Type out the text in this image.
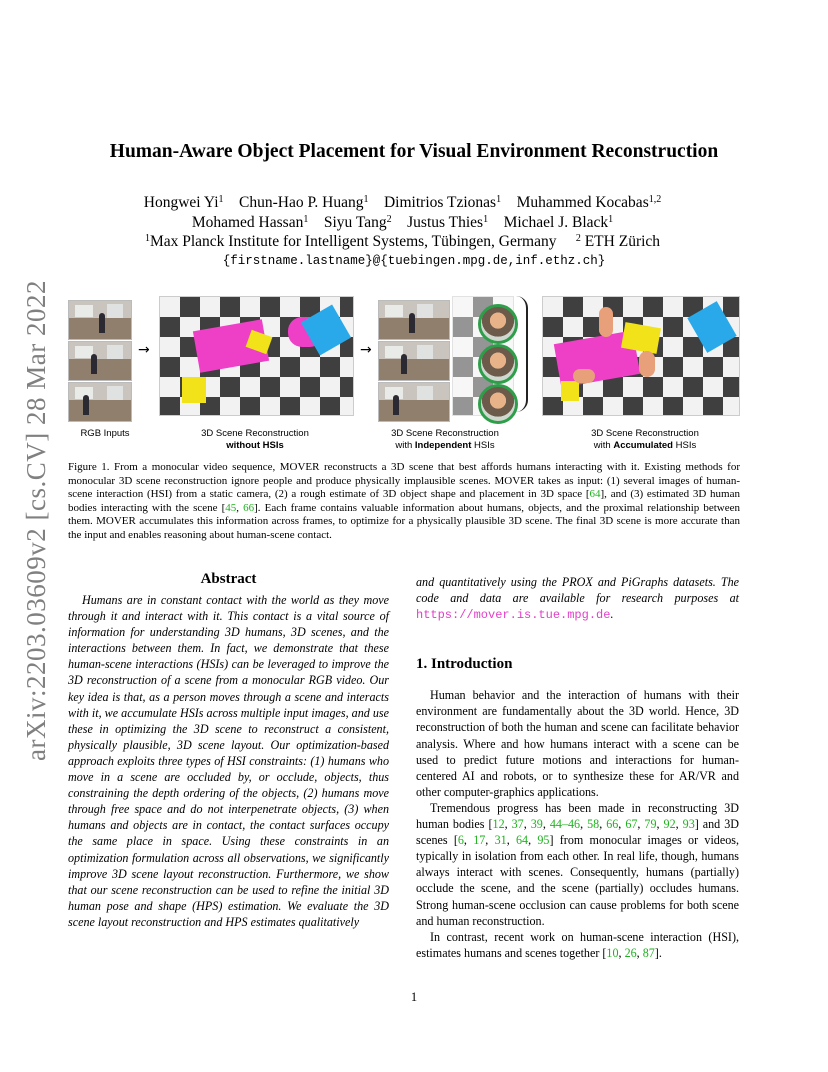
arXiv:2203.03609v2 [cs.CV] 28 Mar 2022
Human-Aware Object Placement for Visual Environment Reconstruction
Hongwei Yi$^1$ Chun-Hao P. Huang$^1$ Dimitrios Tzionas$^1$ Muhammed Kocabas$^{1,2}$
Mohamed Hassan$^1$ Siyu Tang$^2$ Justus Thies$^1$ Michael J. Black$^1$
$^1$Max Planck Institute for Intelligent Systems, Tübingen, Germany $^2$ ETH Zürich
{firstname.lastname}@{tuebingen.mpg.de,inf.ethz.ch}
→	→
RGB Inputs	3D Scene Reconstruction
without HSIs
3D Scene Reconstruction
with Independent HSIs
3D Scene Reconstruction
with Accumulated HSIs
Figure 1. From a monocular video sequence, MOVER reconstructs a 3D scene that best affords humans interacting with it. Existing methods for monocular 3D scene reconstruction ignore people and produce physically implausible scenes. MOVER takes as input: (1) several images of human-scene interaction (HSI) from a static camera, (2) a rough estimate of 3D object shape and placement in 3D space [64], and (3) estimated 3D human bodies interacting with the scene [45, 66]. Each frame contains valuable information about humans, objects, and the proximal relationship between them. MOVER accumulates this information across frames, to optimize for a physically plausible 3D scene. The final 3D scene is more accurate than the input and enables reasoning about human-scene contact.
Abstract

Humans are in constant contact with the world as they move through it and interact with it. This contact is a vital source of information for understanding 3D humans, 3D scenes, and the interactions between them. In fact, we demonstrate that these human-scene interactions (HSIs) can be leveraged to improve the 3D reconstruction of a scene from a monocular RGB video. Our key idea is that, as a person moves through a scene and interacts with it, we accumulate HSIs across multiple input images, and use these in optimizing the 3D scene to reconstruct a consistent, physically plausible, 3D scene layout. Our optimization-based approach exploits three types of HSI constraints: (1) humans who move in a scene are occluded by, or occlude, objects, thus constraining the depth ordering of the objects, (2) humans move through free space and do not interpenetrate objects, (3) when humans and objects are in contact, the contact surfaces occupy the same place in space. Using these constraints in an optimization formulation across all observations, we significantly improve 3D scene layout reconstruction. Furthermore, we show that our scene reconstruction can be used to refine the initial 3D human pose and shape (HPS) estimation. We evaluate the 3D scene layout reconstruction and HPS estimates qualitatively

and quantitatively using the PROX and PiGraphs datasets. The code and data are available for research purposes at https://mover.is.tue.mpg.de.

1. Introduction

Human behavior and the interaction of humans with their environment are fundamentally about the 3D world. Hence, 3D reconstruction of both the human and scene can facilitate behavior analysis. Where and how humans interact with a scene can be used to predict future motions and interactions for human-centered AI and robots, or to synthesize these for AR/VR and other computer-graphics applications.

Tremendous progress has been made in reconstructing 3D human bodies [12, 37, 39, 44–46, 58, 66, 67, 79, 92, 93] and 3D scenes [6, 17, 31, 64, 95] from monocular images or videos, typically in isolation from each other. In real life, though, humans always interact with scenes. Consequently, humans (partially) occlude the scene, and the scene (partially) occludes humans. Strong human-scene occlusion can cause problems for both scene and human reconstruction.

In contrast, recent work on human-scene interaction (HSI), estimates humans and scenes together [10, 26, 87].

1
